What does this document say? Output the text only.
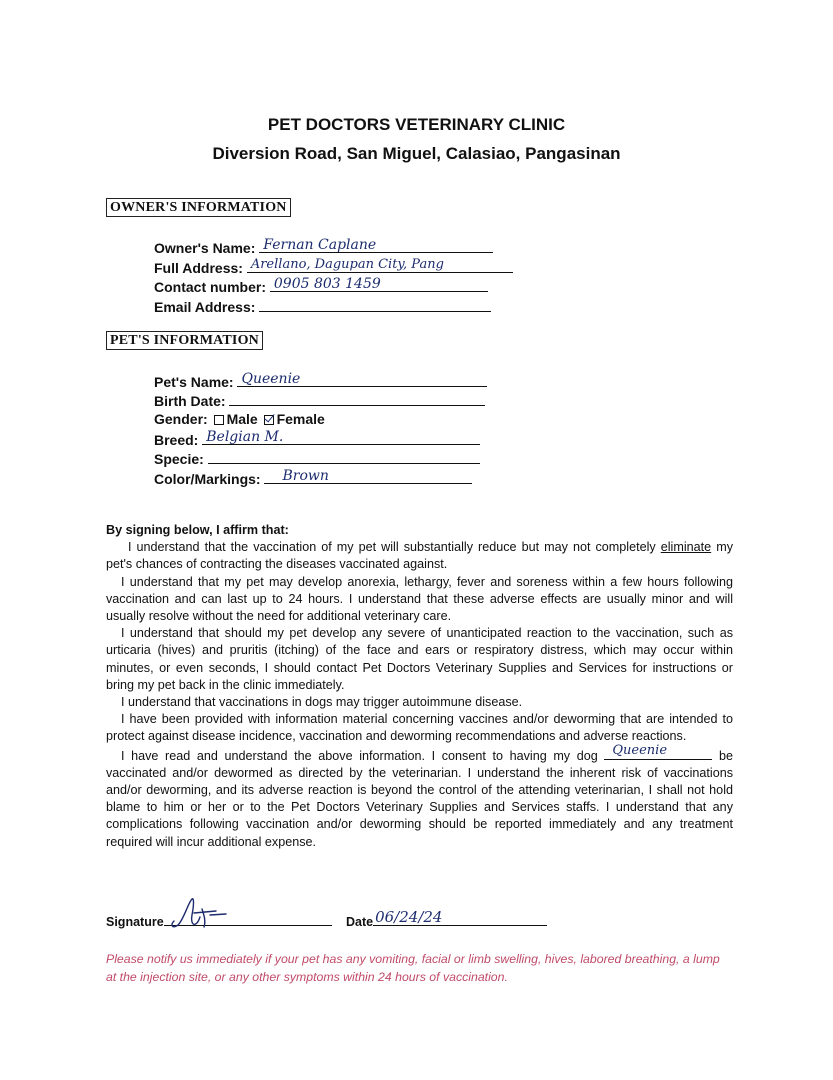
PET DOCTORS VETERINARY CLINIC
Diversion Road, San Miguel, Calasiao, Pangasinan
OWNER'S INFORMATION
Owner's Name: Fernan Caplane
Full Address: Arellano, Dagupan City, Pang
Contact number: 0905 803 1459
Email Address:
PET'S INFORMATION
Pet's Name: Queenie
Birth Date:
Gender: Male Female
Breed: Belgian M.
Specie:
Color/Markings: Brown

By signing below, I affirm that:

I understand that the vaccination of my pet will substantially reduce but may not completely eliminate my pet's chances of contracting the diseases vaccinated against.

I understand that my pet may develop anorexia, lethargy, fever and soreness within a few hours following vaccination and can last up to 24 hours. I understand that these adverse effects are usually minor and will usually resolve without the need for additional veterinary care.

I understand that should my pet develop any severe of unanticipated reaction to the vaccination, such as urticaria (hives) and pruritis (itching) of the face and ears or respiratory distress, which may occur within minutes, or even seconds, I should contact Pet Doctors Veterinary Supplies and Services for instructions or bring my pet back in the clinic immediately.

I understand that vaccinations in dogs may trigger autoimmune disease.

I have been provided with information material concerning vaccines and/or deworming that are intended to protect against disease incidence, vaccination and deworming recommendations and adverse reactions.

I have read and understand the above information. I consent to having my dog Queenie	be vaccinated and/or dewormed as directed by the veterinarian. I understand the inherent risk of vaccinations and/or deworming, and its adverse reaction is beyond the control of the attending veterinarian, I shall not hold blame to him or her or to the Pet Doctors Veterinary Supplies and Services staffs. I understand that any complications following vaccination and/or deworming should be reported immediately and any treatment required will incur additional expense.

Signature	Date 06/24/24
Please notify us immediately if your pet has any vomiting, facial or limb swelling, hives, labored breathing, a lump at the injection site, or any other symptoms within 24 hours of vaccination.
